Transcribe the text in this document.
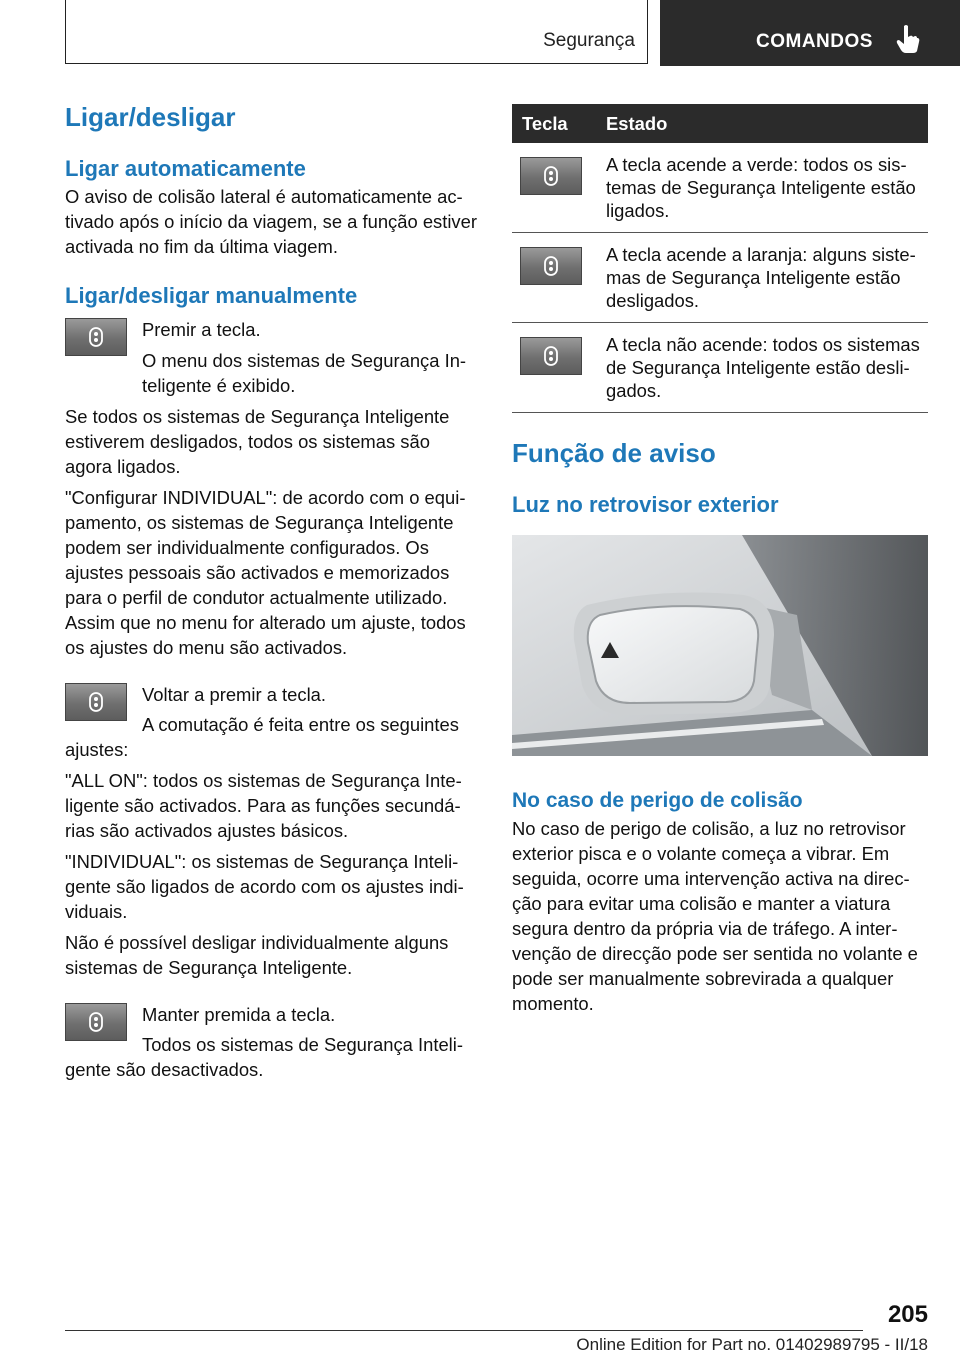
Segurança	COMANDOS
Ligar/desligar
Ligar automaticamente

O aviso de colisão lateral é automaticamente activado após o início da viagem, se a função estiver activada no fim da última viagem.

Ligar/desligar manualmente

Premir a tecla.

O menu dos sistemas de Segurança Inteligente é exibido.

Se todos os sistemas de Segurança Inteligente estiverem desligados, todos os sistemas são agora ligados.

"Configurar INDIVIDUAL": de acordo com o equipamento, os sistemas de Segurança Inteligente podem ser individualmente configurados. Os ajustes pessoais são activados e memorizados para o perfil de condutor actualmente utilizado. Assim que no menu for alterado um ajuste, todos os ajustes do menu são activados.

Voltar a premir a tecla.

A comutação é feita entre os seguintes ajustes:

"ALL ON": todos os sistemas de Segurança Inteligente são activados. Para as funções secundárias são activados ajustes básicos.

"INDIVIDUAL": os sistemas de Segurança Inteligente são ligados de acordo com os ajustes individuais.

Não é possível desligar individualmente alguns sistemas de Segurança Inteligente.

Manter premida a tecla.

Todos os sistemas de Segurança Inteligente são desactivados.

Tecla	Estado

	A tecla acende a verde: todos os sistemas de Segurança Inteligente estão ligados.

	A tecla acende a laranja: alguns sistemas de Segurança Inteligente estão desligados.

	A tecla não acende: todos os sistemas de Segurança Inteligente estão desligados.
Função de aviso
Luz no retrovisor exterior
No caso de perigo de colisão

No caso de perigo de colisão, a luz no retrovisor exterior pisca e o volante começa a vibrar. Em seguida, ocorre uma intervenção activa na direcção para evitar uma colisão e manter a viatura segura dentro da própria via de tráfego. A intervenção de direcção pode ser sentida no volante e pode ser manualmente sobrevirada a qualquer momento.

205
Online Edition for Part no. 01402989795 - II/18
